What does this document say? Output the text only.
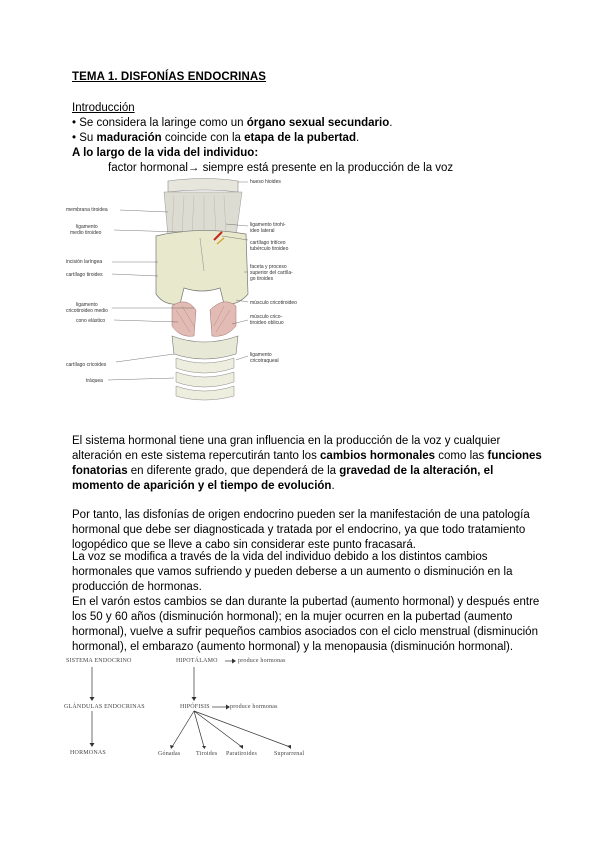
TEMA 1. DISFONÍAS ENDOCRINAS
Introducción
• Se considera la laringe como un órgano sexual secundario.
• Su maduración coincide con la etapa de la pubertad.
A lo largo de la vida del individuo:
factor hormonal→ siempre está presente en la producción de la voz
membrana tiroidea
ligamento
medio tiroideo
incisión laríngea
cartílago tiroides
ligamento
cricotiroideo medio
cono elástico
cartílago cricoides
tráquea
hueso hioides
ligamento tirohi-
ideo lateral
cartílago tritíceo
tubérculo tiroideo
faceta y proceso
superior del cartíla-
go tiroides
músculo cricotiroideo
músculo crico-
tiroideo oblicuo
ligamento
cricotraqueal
El sistema hormonal tiene una gran influencia en la producción de la voz y cualquier alteración en este sistema repercutirán tanto los cambios hormonales como las funciones fonatorias en diferente grado, que dependerá de la gravedad de la alteración, el momento de aparición y el tiempo de evolución.
Por tanto, las disfonías de origen endocrino pueden ser la manifestación de una patología hormonal que debe ser diagnosticada y tratada por el endocrino, ya que todo tratamiento logopédico que se lleve a cabo sin considerar este punto fracasará.
La voz se modifica a través de la vida del individuo debido a los distintos cambios hormonales que vamos sufriendo y pueden deberse a un aumento o disminución en la producción de hormonas.
En el varón estos cambios se dan durante la pubertad (aumento hormonal) y después entre los 50 y 60 años (disminución hormonal); en la mujer ocurren en la pubertad (aumento hormonal), vuelve a sufrir pequeños cambios asociados con el ciclo menstrual (disminución hormonal), el embarazo (aumento hormonal) y la menopausia (disminución hormonal).
SISTEMA ENDOCRINO
GLÁNDULAS ENDOCRINAS
HORMONAS
HIPOTÁLAMO	produce hormonas
HIPÓFISIS	produce hormonas
Gónadas	Tiroides Paratiroides	Suprarrenal
